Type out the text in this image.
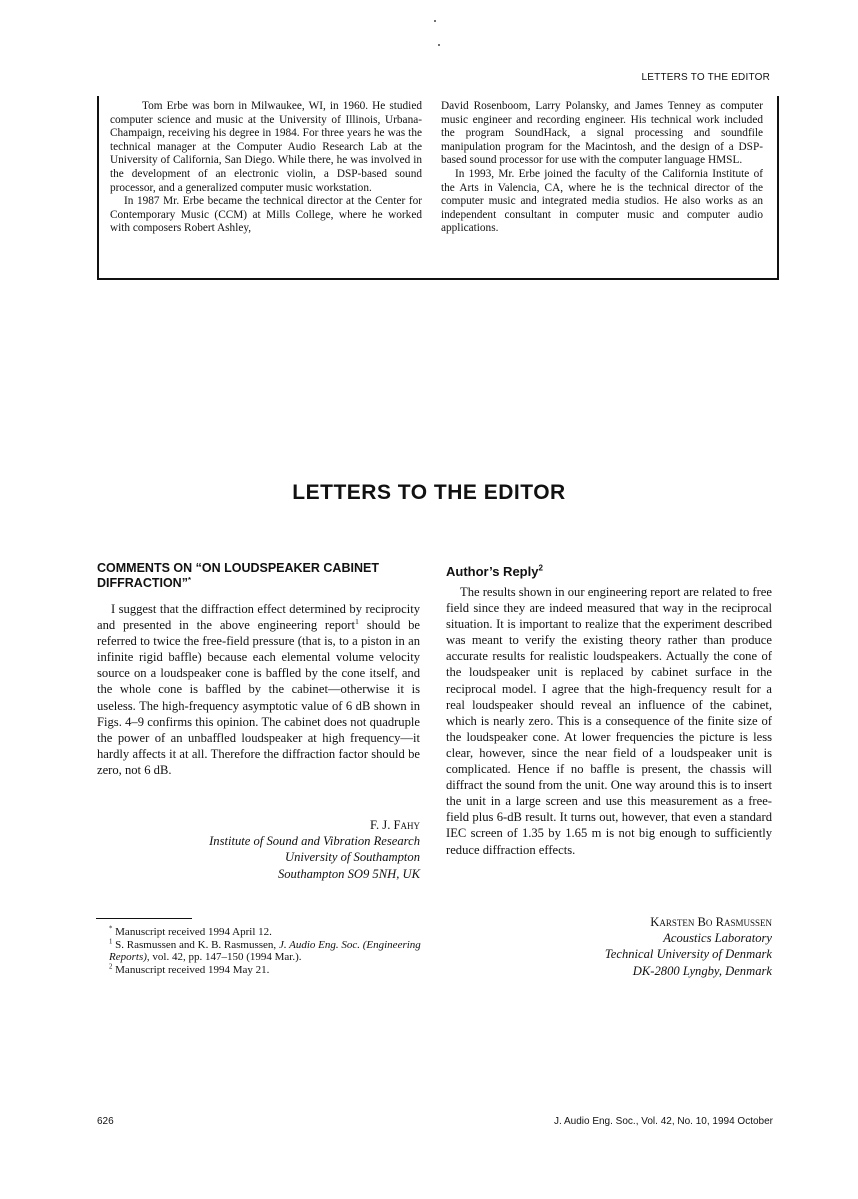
LETTERS TO THE EDITOR

Tom Erbe was born in Milwaukee, WI, in 1960. He studied computer science and music at the University of Illinois, Urbana-Champaign, receiving his degree in 1984. For three years he was the technical manager at the Computer Audio Research Lab at the University of California, San Diego. While there, he was involved in the development of an electronic violin, a DSP-based sound processor, and a generalized computer music workstation.

In 1987 Mr. Erbe became the technical director at the Center for Contemporary Music (CCM) at Mills College, where he worked with composers Robert Ashley,

David Rosenboom, Larry Polansky, and James Tenney as computer music engineer and recording engineer. His technical work included the program SoundHack, a signal processing and soundfile manipulation program for the Macintosh, and the design of a DSP-based sound processor for use with the computer language HMSL.

In 1993, Mr. Erbe joined the faculty of the California Institute of the Arts in Valencia, CA, where he is the technical director of the computer music and integrated media studios. He also works as an independent consultant in computer music and computer audio applications.

LETTERS TO THE EDITOR
COMMENTS ON “ON LOUDSPEAKER CABINET
DIFFRACTION”*

I suggest that the diffraction effect determined by reciprocity and presented in the above engineering report$^1$ should be referred to twice the free-field pressure (that is, to a piston in an infinite rigid baffle) because each elemental volume velocity source on a loudspeaker cone is baffled by the cone itself, and the whole cone is baffled by the cabinet—otherwise it is useless. The high-frequency asymptotic value of 6 dB shown in Figs. 4–9 confirms this opinion. The cabinet does not quadruple the power of an unbaffled loudspeaker at high frequency—it hardly affects it at all. Therefore the diffraction factor should be zero, not 6 dB.

F. J. Fahy
Institute of Sound and Vibration Research
University of Southampton
Southampton SO9 5NH, UK

* Manuscript received 1994 April 12.

$^1$ S. Rasmussen and K. B. Rasmussen, J. Audio Eng. Soc. (Engineering Reports), vol. 42, pp. 147–150 (1994 Mar.).

$^2$ Manuscript received 1994 May 21.

Author’s Reply$^2$

The results shown in our engineering report are related to free field since they are indeed measured that way in the reciprocal situation. It is important to realize that the experiment described was meant to verify the existing theory rather than produce accurate results for realistic loudspeakers. Actually the cone of the loudspeaker unit is replaced by cabinet surface in the reciprocal model. I agree that the high-frequency result for a real loudspeaker should reveal an influence of the cabinet, which is nearly zero. This is a consequence of the finite size of the loudspeaker cone. At lower frequencies the picture is less clear, however, since the near field of a loudspeaker unit is complicated. Hence if no baffle is present, the chassis will diffract the sound from the unit. One way around this is to insert the unit in a large screen and use this measurement as a free-field plus 6-dB result. It turns out, however, that even a standard IEC screen of 1.35 by 1.65 m is not big enough to sufficiently reduce diffraction effects.

Karsten Bo Rasmussen
Acoustics Laboratory
Technical University of Denmark
DK-2800 Lyngby, Denmark
626	J. Audio Eng. Soc., Vol. 42, No. 10, 1994 October
